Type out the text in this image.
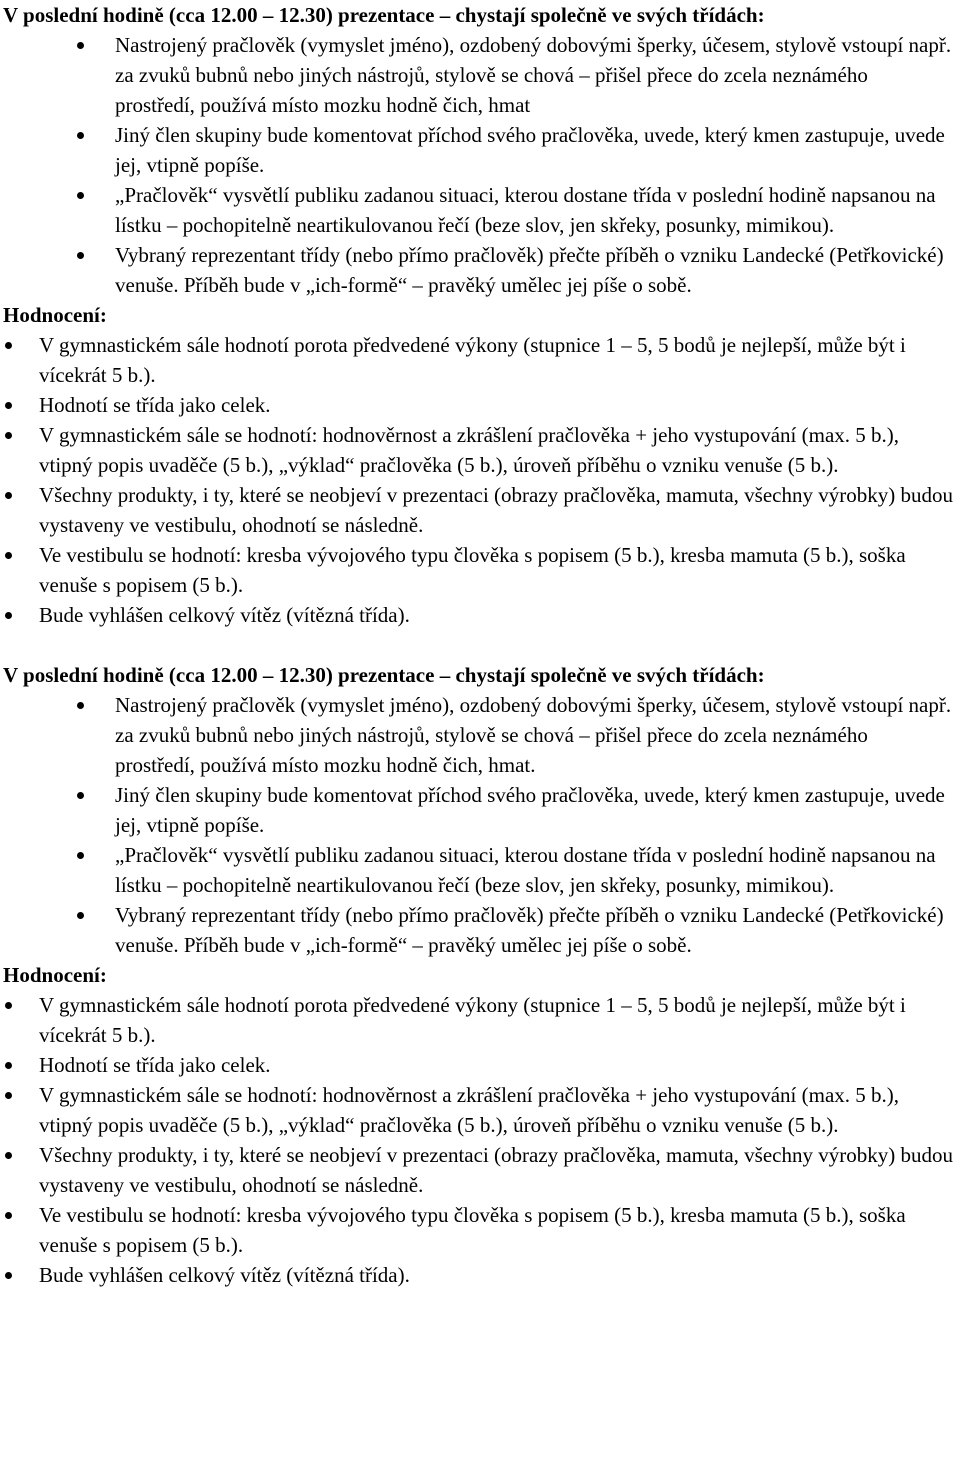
V poslední hodině (cca 12.00 – 12.30) prezentace – chystají společně ve svých třídách:

Nastrojený pračlověk (vymyslet jméno), ozdobený dobovými šperky, účesem, stylově vstoupí např. za zvuků bubnů nebo jiných nástrojů, stylově se chová – přišel přece do zcela neznámého prostředí, používá místo mozku hodně čich, hmat
Jiný člen skupiny bude komentovat příchod svého pračlověka, uvede, který kmen zastupuje, uvede jej, vtipně popíše.
„Pračlověk“ vysvětlí publiku zadanou situaci, kterou dostane třída v poslední hodině napsanou na lístku – pochopitelně neartikulovanou řečí (beze slov, jen skřeky, posunky, mimikou).
Vybraný reprezentant třídy (nebo přímo pračlověk) přečte příběh o vzniku Landecké (Petřkovické) venuše. Příběh bude v „ich-formě“ – pravěký umělec jej píše o sobě.

Hodnocení:

V gymnastickém sále hodnotí porota předvedené výkony (stupnice 1 – 5, 5 bodů je nejlepší, může být i vícekrát 5 b.).
Hodnotí se třída jako celek.
V gymnastickém sále se hodnotí: hodnověrnost a zkrášlení pračlověka + jeho vystupování (max. 5 b.), vtipný popis uvaděče (5 b.), „výklad“ pračlověka (5 b.), úroveň příběhu o vzniku venuše (5 b.).
Všechny produkty, i ty, které se neobjeví v prezentaci (obrazy pračlověka, mamuta, všechny výrobky) budou vystaveny ve vestibulu, ohodnotí se následně.
Ve vestibulu se hodnotí: kresba vývojového typu člověka s popisem (5 b.), kresba mamuta (5 b.), soška venuše s popisem (5 b.).
Bude vyhlášen celkový vítěz (vítězná třída).

V poslední hodině (cca 12.00 – 12.30) prezentace – chystají společně ve svých třídách:

Nastrojený pračlověk (vymyslet jméno), ozdobený dobovými šperky, účesem, stylově vstoupí např. za zvuků bubnů nebo jiných nástrojů, stylově se chová – přišel přece do zcela neznámého prostředí, používá místo mozku hodně čich, hmat.
Jiný člen skupiny bude komentovat příchod svého pračlověka, uvede, který kmen zastupuje, uvede jej, vtipně popíše.
„Pračlověk“ vysvětlí publiku zadanou situaci, kterou dostane třída v poslední hodině napsanou na lístku – pochopitelně neartikulovanou řečí (beze slov, jen skřeky, posunky, mimikou).
Vybraný reprezentant třídy (nebo přímo pračlověk) přečte příběh o vzniku Landecké (Petřkovické) venuše. Příběh bude v „ich-formě“ – pravěký umělec jej píše o sobě.

Hodnocení:

V gymnastickém sále hodnotí porota předvedené výkony (stupnice 1 – 5, 5 bodů je nejlepší, může být i vícekrát 5 b.).
Hodnotí se třída jako celek.
V gymnastickém sále se hodnotí: hodnověrnost a zkrášlení pračlověka + jeho vystupování (max. 5 b.), vtipný popis uvaděče (5 b.), „výklad“ pračlověka (5 b.), úroveň příběhu o vzniku venuše (5 b.).
Všechny produkty, i ty, které se neobjeví v prezentaci (obrazy pračlověka, mamuta, všechny výrobky) budou vystaveny ve vestibulu, ohodnotí se následně.
Ve vestibulu se hodnotí: kresba vývojového typu člověka s popisem (5 b.), kresba mamuta (5 b.), soška venuše s popisem (5 b.).
Bude vyhlášen celkový vítěz (vítězná třída).
